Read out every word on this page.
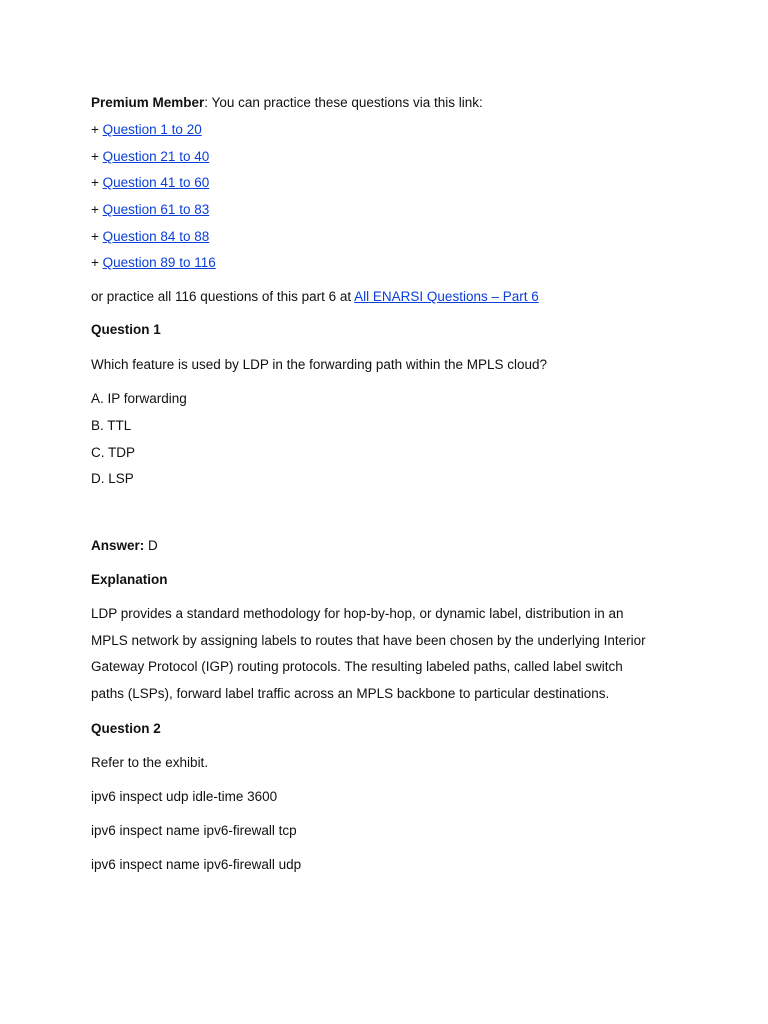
Premium Member: You can practice these questions via this link:
+ Question 1 to 20
+ Question 21 to 40
+ Question 41 to 60
+ Question 61 to 83
+ Question 84 to 88
+ Question 89 to 116
or practice all 116 questions of this part 6 at All ENARSI Questions – Part 6
Question 1
Which feature is used by LDP in the forwarding path within the MPLS cloud?
A. IP forwarding
B. TTL
C. TDP
D. LSP
Answer: D
Explanation
LDP provides a standard methodology for hop-by-hop, or dynamic label, distribution in an
MPLS network by assigning labels to routes that have been chosen by the underlying Interior
Gateway Protocol (IGP) routing protocols. The resulting labeled paths, called label switch
paths (LSPs), forward label traffic across an MPLS backbone to particular destinations.
Question 2
Refer to the exhibit.
ipv6 inspect udp idle-time 3600
ipv6 inspect name ipv6-firewall tcp
ipv6 inspect name ipv6-firewall udp
